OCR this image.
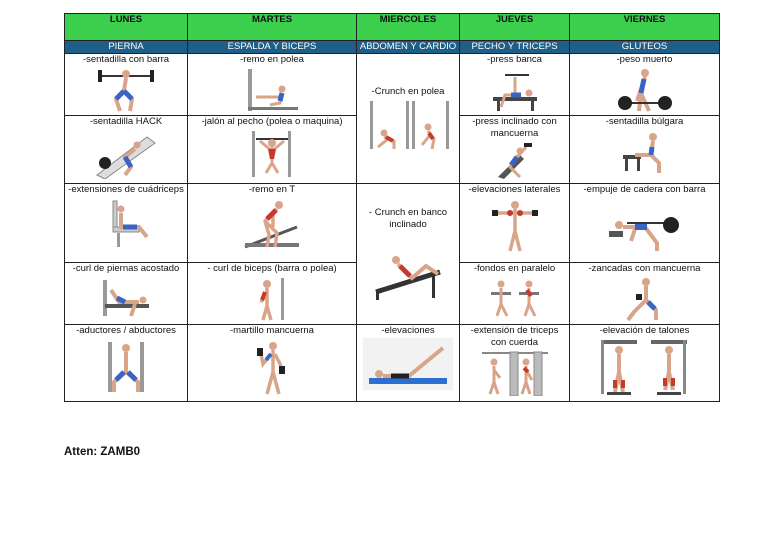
LUNES	MARTES	MIERCOLES	JUEVES	VIERNES
PIERNA	ESPALDA Y BICEPS	ABDOMEN Y CARDIO	PECHO Y TRICEPS	GLUTEOS

-sentadilla con barra	-remo en polea	-Crunch en polea	-press banca	-peso muerto

-sentadilla HACK	-jalón al pecho (polea o maquina)		-press inclinado con mancuerna	-sentadilla búlgara

-extensiones de cuádriceps	-remo en T	- Crunch en banco inclinado	-elevaciones laterales	-empuje de cadera con barra

-curl de piernas acostado	- curl de biceps (barra o polea)		-fondos en paralelo	-zancadas con mancuerna

-aductores / abductores	-martillo mancuerna	-elevaciones	-extensión de triceps con cuerda	-elevación de talones
Atten: ZAMB0
